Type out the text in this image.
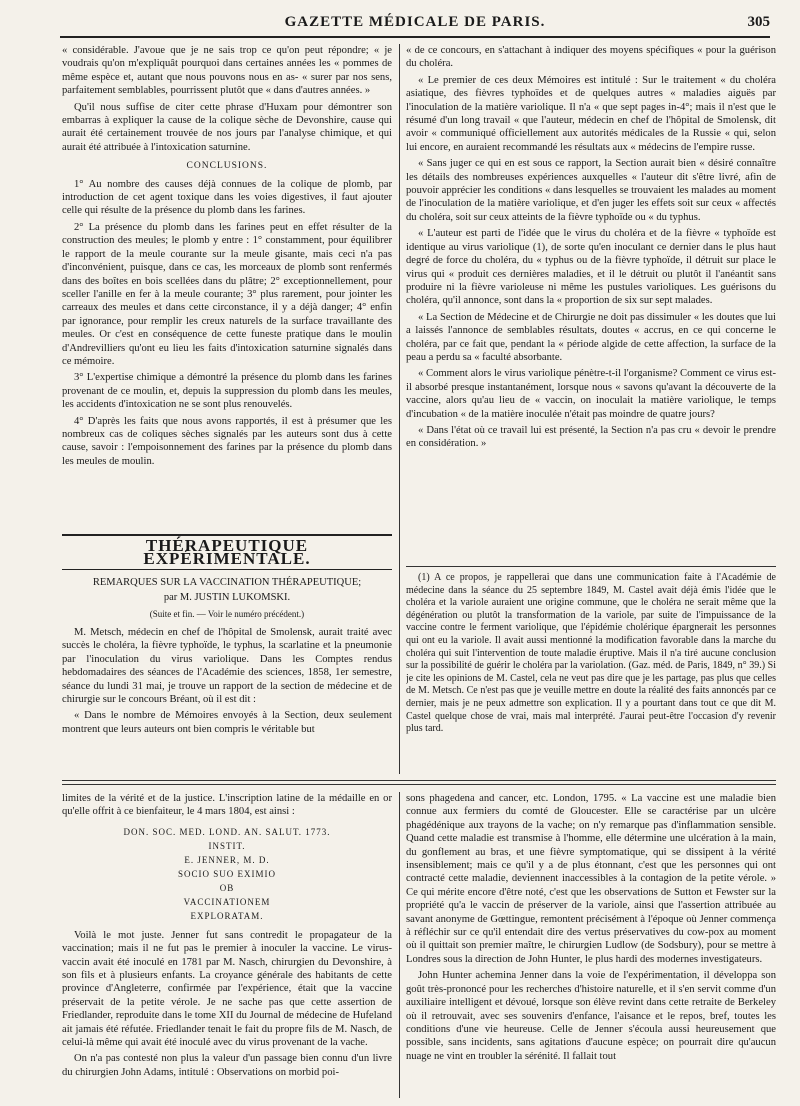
GAZETTE MÉDICALE DE PARIS.	305

« considérable. J'avoue que je ne sais trop ce qu'on peut répondre; « je voudrais qu'on m'expliquât pourquoi dans certaines années les « pommes de même espèce et, autant que nous pouvons nous en as- « surer par nos sens, parfaitement semblables, pourrissent plutôt que « dans d'autres années. »

Qu'il nous suffise de citer cette phrase d'Huxam pour démontrer son embarras à expliquer la cause de la colique sèche de Devonshire, cause qui aurait été certainement trouvée de nos jours par l'analyse chimique, et qui aurait été attribuée à l'intoxication saturnine.

CONCLUSIONS.

1° Au nombre des causes déjà connues de la colique de plomb, par introduction de cet agent toxique dans les voies digestives, il faut ajouter celle qui résulte de la présence du plomb dans les farines.

2° La présence du plomb dans les farines peut en effet résulter de la construction des meules; le plomb y entre : 1° constamment, pour équilibrer le rapport de la meule courante sur la meule gisante, mais ceci n'a pas d'inconvénient, puisque, dans ce cas, les morceaux de plomb sont renfermés dans des boîtes en bois scellées dans du plâtre; 2° exceptionnellement, pour sceller l'anille en fer à la meule courante; 3° plus rarement, pour jointer les carreaux des meules et dans cette circonstance, il y a déjà danger; 4° enfin par ignorance, pour remplir les creux naturels de la surface travaillante des meules. Or c'est en conséquence de cette funeste pratique dans le moulin d'Andrevilliers qu'ont eu lieu les faits d'intoxication saturnine signalés dans ce mémoire.

3° L'expertise chimique a démontré la présence du plomb dans les farines provenant de ce moulin, et, depuis la suppression du plomb dans les meules, les accidents d'intoxication ne se sont plus renouvelés.

4° D'après les faits que nous avons rapportés, il est à présumer que les nombreux cas de coliques sèches signalés par les auteurs sont dus à cette cause, savoir : l'empoisonnement des farines par la présence du plomb dans les meules de moulin.

THÉRAPEUTIQUE EXPÉRIMENTALE.
REMARQUES SUR LA VACCINATION THÉRAPEUTIQUE;
par M. JUSTIN LUKOMSKI.
(Suite et fin. — Voir le numéro précédent.)

M. Metsch, médecin en chef de l'hôpital de Smolensk, aurait traité avec succès le choléra, la fièvre typhoïde, le typhus, la scarlatine et la pneumonie par l'inoculation du virus variolique. Dans les Comptes rendus hebdomadaires des séances de l'Académie des sciences, 1858, 1er semestre, séance du lundi 31 mai, je trouve un rapport de la section de médecine et de chirurgie sur le concours Bréant, où il est dit :

« Dans le nombre de Mémoires envoyés à la Section, deux seulement montrent que leurs auteurs ont bien compris le véritable but

« de ce concours, en s'attachant à indiquer des moyens spécifiques « pour la guérison du choléra.

« Le premier de ces deux Mémoires est intitulé : Sur le traitement « du choléra asiatique, des fièvres typhoïdes et de quelques autres « maladies aiguës par l'inoculation de la matière variolique. Il n'a « que sept pages in-4°; mais il n'est que le résumé d'un long travail « que l'auteur, médecin en chef de l'hôpital de Smolensk, dit avoir « communiqué officiellement aux autorités médicales de la Russie « qui, selon lui encore, en auraient recommandé les résultats aux « médecins de l'empire russe.

« Sans juger ce qui en est sous ce rapport, la Section aurait bien « désiré connaître les détails des nombreuses expériences auxquelles « l'auteur dit s'être livré, afin de pouvoir apprécier les conditions « dans lesquelles se trouvaient les malades au moment de l'inoculation de la matière variolique, et d'en juger les effets soit sur ceux « affectés du choléra, soit sur ceux atteints de la fièvre typhoïde ou « du typhus.

« L'auteur est parti de l'idée que le virus du choléra et de la fièvre « typhoïde est identique au virus variolique (1), de sorte qu'en inoculant ce dernier dans le plus haut degré de force du choléra, du « typhus ou de la fièvre typhoïde, il détruit sur place le virus qui « produit ces dernières maladies, et il le détruit ou plutôt il l'anéantit sans produire ni la fièvre varioleuse ni même les pustules varioliques. Les guérisons du choléra, qu'il annonce, sont dans la « proportion de six sur sept malades.

« La Section de Médecine et de Chirurgie ne doit pas dissimuler « les doutes que lui a laissés l'annonce de semblables résultats, doutes « accrus, en ce qui concerne le choléra, par ce fait que, pendant la « période algide de cette affection, la surface de la peau a perdu sa « faculté absorbante.

« Comment alors le virus variolique pénètre-t-il l'organisme? Comment ce virus est-il absorbé presque instantanément, lorsque nous « savons qu'avant la découverte de la vaccine, alors qu'au lieu de « vaccin, on inoculait la matière variolique, le temps d'incubation « de la matière inoculée n'était pas moindre de quatre jours?

« Dans l'état où ce travail lui est présenté, la Section n'a pas cru « devoir le prendre en considération. »

(1) A ce propos, je rappellerai que dans une communication faite à l'Académie de médecine dans la séance du 25 septembre 1849, M. Castel avait déjà émis l'idée que le choléra et la variole auraient une origine commune, que le choléra ne serait même que la dégénération ou plutôt la transformation de la variole, par suite de l'impuissance de la vaccine contre le ferment variolique, que l'épidémie cholérique épargnerait les personnes qui ont eu la variole. Il avait aussi mentionné la modification favorable dans la marche du choléra qui suit l'intervention de toute maladie éruptive. Mais il n'a tiré aucune conclusion sur la possibilité de guérir le choléra par la variolation. (Gaz. méd. de Paris, 1849, n° 39.) Si je cite les opinions de M. Castel, cela ne veut pas dire que je les partage, pas plus que celles de M. Metsch. Ce n'est pas que je veuille mettre en doute la réalité des faits annoncés par ce dernier, mais je ne peux admettre son explication. Il y a pourtant dans tout ce que dit M. Castel quelque chose de vrai, mais mal interprété. J'aurai peut-être l'occasion d'y revenir plus tard.

limites de la vérité et de la justice. L'inscription latine de la médaille en or qu'elle offrit à ce bienfaiteur, le 4 mars 1804, est ainsi :

DON. SOC. MED. LOND. AN. SALUT. 1773.
INSTIT.
E. JENNER, M. D.
SOCIO SUO EXIMIO
OB
VACCINATIONEM
EXPLORATAM.

Voilà le mot juste. Jenner fut sans contredit le propagateur de la vaccination; mais il ne fut pas le premier à inoculer la vaccine. Le virus-vaccin avait été inoculé en 1781 par M. Nasch, chirurgien du Devonshire, à son fils et à plusieurs enfants. La croyance générale des habitants de cette province d'Angleterre, confirmée par l'expérience, était que la vaccine préservait de la petite vérole. Je ne sache pas que cette assertion de Friedlander, reproduite dans le tome XII du Journal de médecine de Hufeland ait jamais été réfutée. Friedlander tenait le fait du propre fils de M. Nasch, de celui-là même qui avait été inoculé avec du virus provenant de la vache.

On n'a pas contesté non plus la valeur d'un passage bien connu d'un livre du chirurgien John Adams, intitulé : Observations on morbid poi-

sons phagedena and cancer, etc. London, 1795. « La vaccine est une maladie bien connue aux fermiers du comté de Gloucester. Elle se caractérise par un ulcère phagédénique aux trayons de la vache; on n'y remarque pas d'inflammation sensible. Quand cette maladie est transmise à l'homme, elle détermine une ulcération à la main, du gonflement au bras, et une fièvre symptomatique, qui se dissipent à la vérité insensiblement; mais ce qu'il y a de plus étonnant, c'est que les personnes qui ont contracté cette maladie, deviennent inaccessibles à la contagion de la petite vérole. » Ce qui mérite encore d'être noté, c'est que les observations de Sutton et Fewster sur la propriété qu'a le vaccin de préserver de la variole, ainsi que l'assertion attribuée au savant anonyme de Gœttingue, remontent précisément à l'époque où Jenner commença à réfléchir sur ce qu'il entendait dire des vertus préservatives du cow-pox au moment où il quittait son premier maître, le chirurgien Ludlow (de Sodsbury), pour se mettre à Londres sous la direction de John Hunter, le plus hardi des modernes investigateurs.

John Hunter achemina Jenner dans la voie de l'expérimentation, il développa son goût très-prononcé pour les recherches d'histoire naturelle, et il s'en servit comme d'un auxiliaire intelligent et dévoué, lorsque son élève revint dans cette retraite de Berkeley où il retrouvait, avec ses souvenirs d'enfance, l'aisance et le repos, bref, toutes les conditions d'une vie heureuse. Celle de Jenner s'écoula aussi heureusement que possible, sans incidents, sans agitations d'aucune espèce; on pourrait dire qu'aucun nuage ne vint en troubler la sérénité. Il fallait tout
